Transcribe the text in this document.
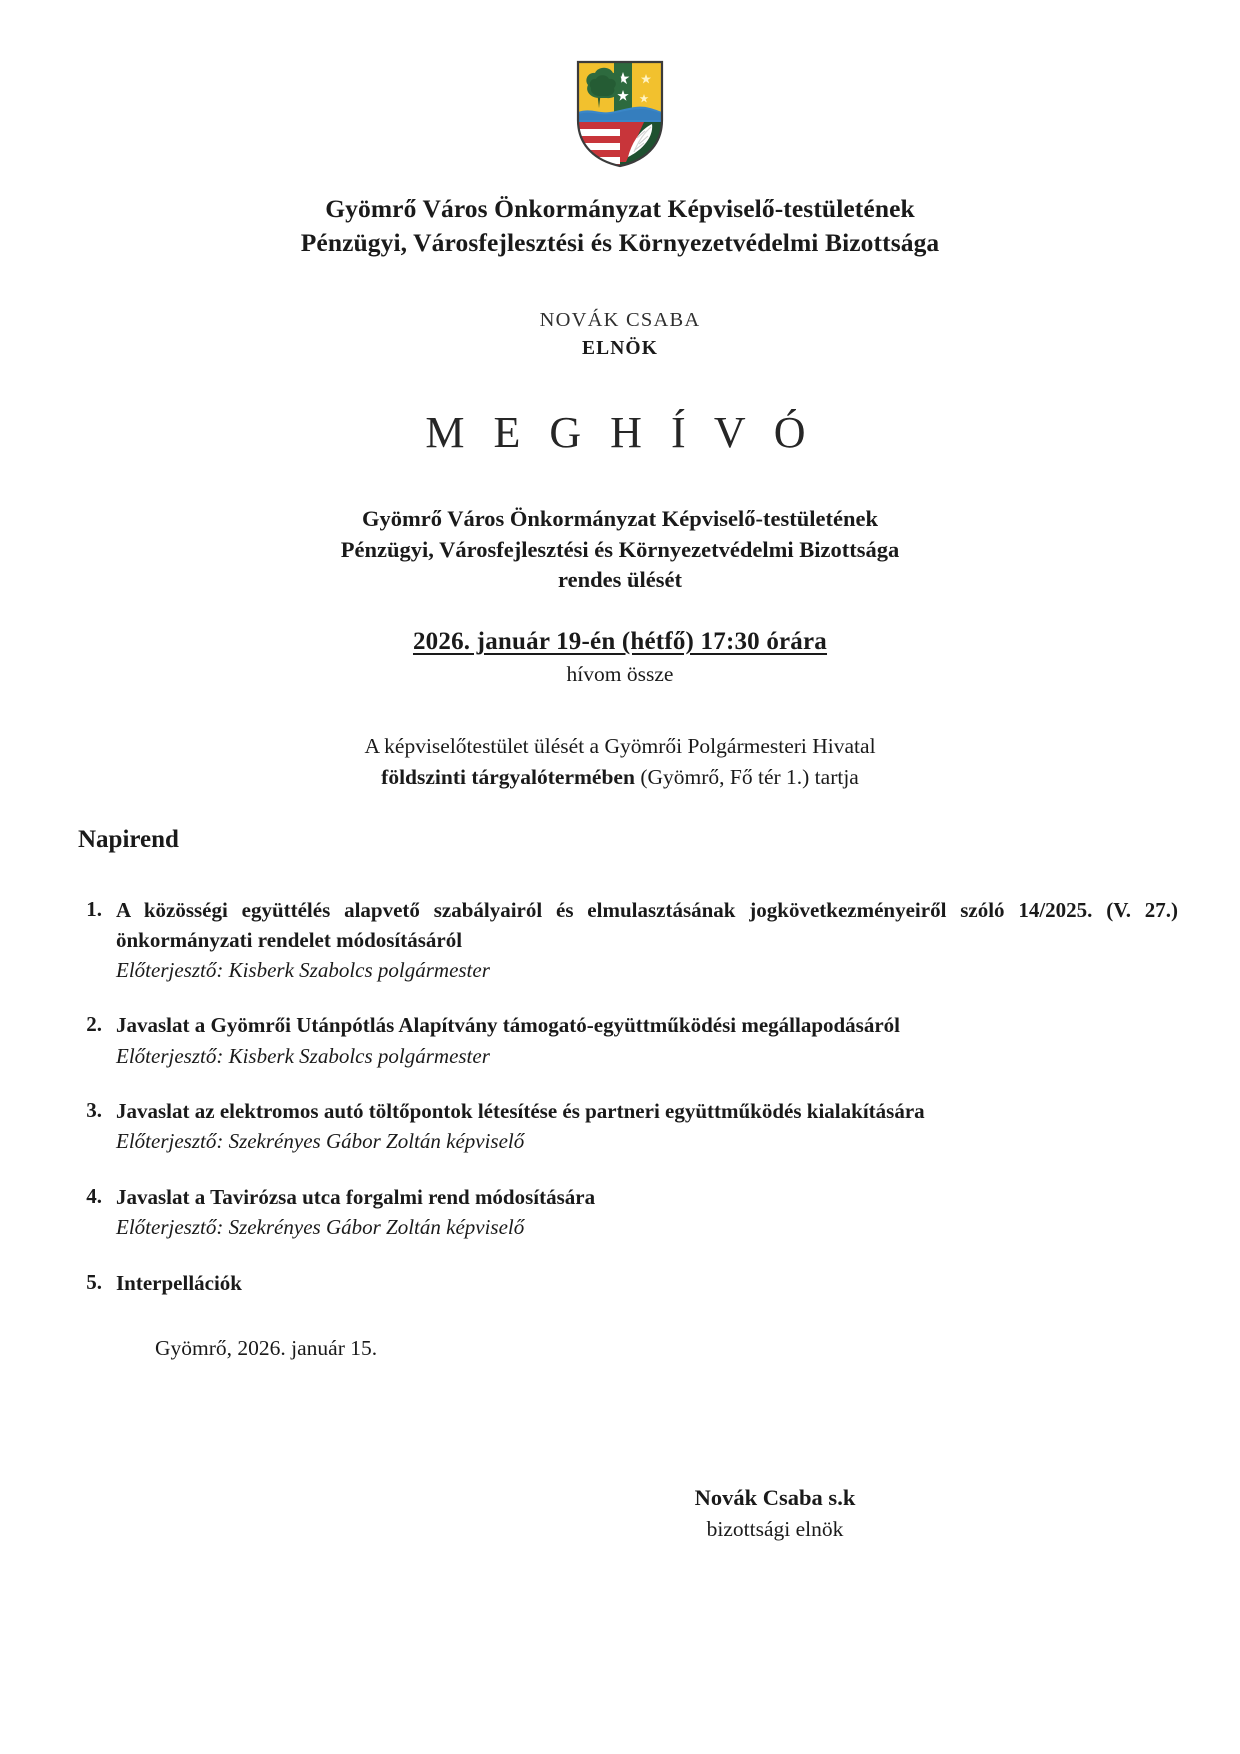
Gyömrő Város Önkormányzat Képviselő-testületének
Pénzügyi, Városfejlesztési és Környezetvédelmi Bizottsága
NOVÁK CSABA
ELNÖK
M E G H Í V Ó
Gyömrő Város Önkormányzat Képviselő-testületének
Pénzügyi, Városfejlesztési és Környezetvédelmi Bizottsága
rendes ülését
2026. január 19-én (hétfő) 17:30 órára
hívom össze
A képviselőtestület ülését a Gyömrői Polgármesteri Hivatal
földszinti tárgyalótermében (Gyömrő, Fő tér 1.) tartja
Napirend
1. A közösségi együttélés alapvető szabályairól és elmulasztásának jogkövetkezményeiről szóló 14/2025. (V. 27.) önkormányzati rendelet módosításáról
Előterjesztő: Kisberk Szabolcs polgármester
2. Javaslat a Gyömrői Utánpótlás Alapítvány támogató-együttműködési megállapodásáról
Előterjesztő: Kisberk Szabolcs polgármester
3. Javaslat az elektromos autó töltőpontok létesítése és partneri együttműködés kialakítására
Előterjesztő: Szekrényes Gábor Zoltán képviselő
4. Javaslat a Tavirózsa utca forgalmi rend módosítására
Előterjesztő: Szekrényes Gábor Zoltán képviselő
5. Interpellációk
Gyömrő, 2026. január 15.
Novák Csaba s.k
bizottsági elnök
